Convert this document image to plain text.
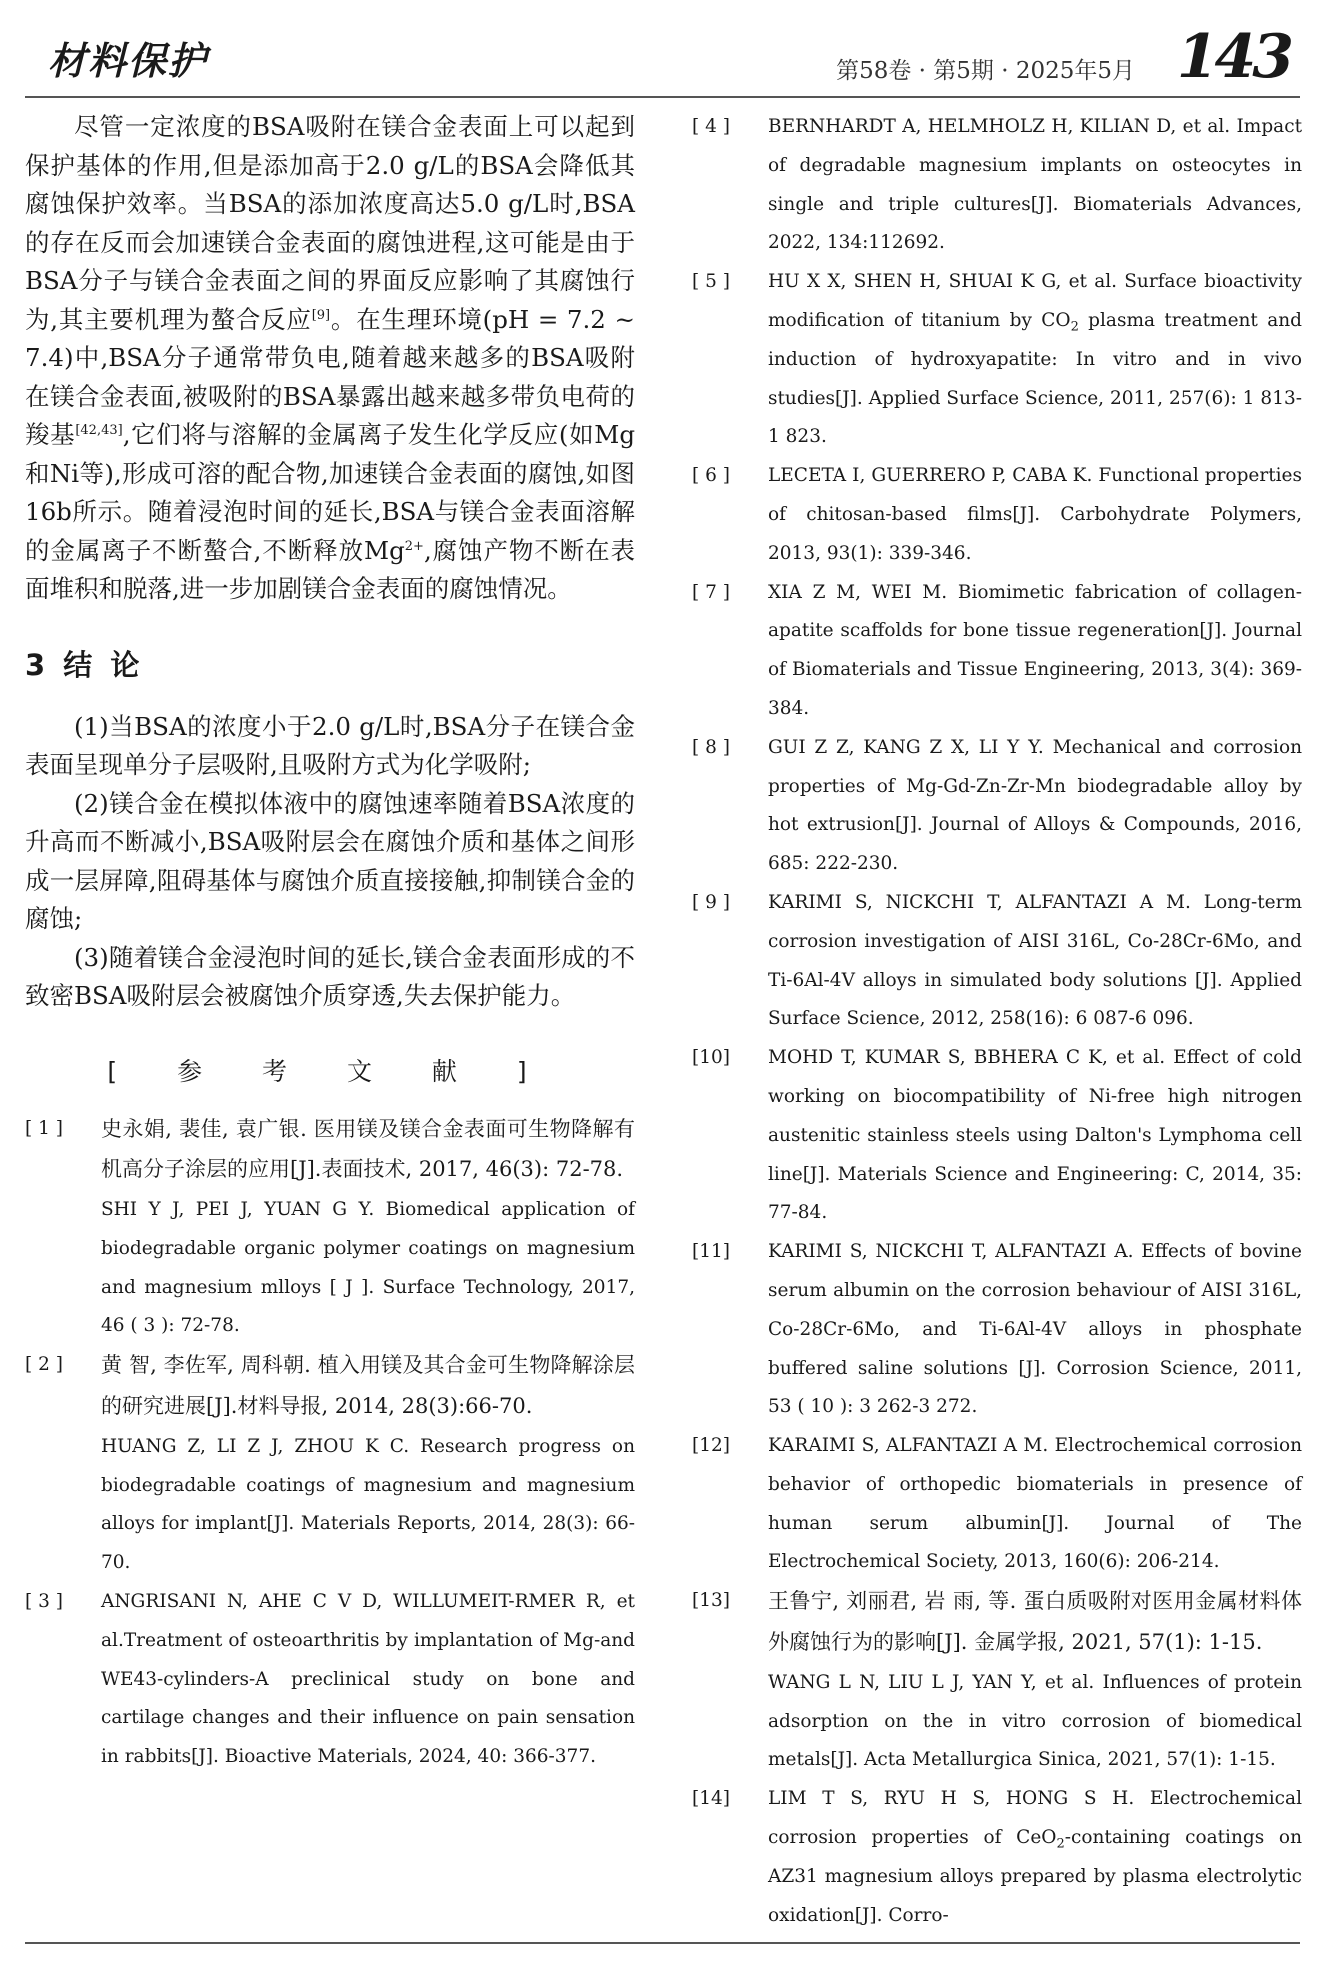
材料保护	第58卷 · 第5期 · 2025年5月 143

尽管一定浓度的BSA吸附在镁合金表面上可以起到保护基体的作用,但是添加高于2.0 g/L的BSA会降低其腐蚀保护效率。当BSA的添加浓度高达5.0 g/L时,BSA的存在反而会加速镁合金表面的腐蚀进程,这可能是由于BSA分子与镁合金表面之间的界面反应影响了其腐蚀行为,其主要机理为螯合反应[9]。在生理环境(pH = 7.2 ~ 7.4)中,BSA分子通常带负电,随着越来越多的BSA吸附在镁合金表面,被吸附的BSA暴露出越来越多带负电荷的羧基[42,43],它们将与溶解的金属离子发生化学反应(如Mg和Ni等),形成可溶的配合物,加速镁合金表面的腐蚀,如图16b所示。随着浸泡时间的延长,BSA与镁合金表面溶解的金属离子不断螯合,不断释放$Mg^{2+}$,腐蚀产物不断在表面堆积和脱落,进一步加剧镁合金表面的腐蚀情况。

3 结 论

(1)当BSA的浓度小于2.0 g/L时,BSA分子在镁合金表面呈现单分子层吸附,且吸附方式为化学吸附;

(2)镁合金在模拟体液中的腐蚀速率随着BSA浓度的升高而不断减小,BSA吸附层会在腐蚀介质和基体之间形成一层屏障,阻碍基体与腐蚀介质直接接触,抑制镁合金的腐蚀;

(3)随着镁合金浸泡时间的延长,镁合金表面形成的不致密BSA吸附层会被腐蚀介质穿透,失去保护能力。

[ 参 考 文 献 ]
[ 1 ]	史永娟, 裴佳, 袁广银. 医用镁及镁合金表面可生物降解有机高分子涂层的应用[J].表面技术, 2017, 46(3): 72-78.
SHI Y J, PEI J, YUAN G Y. Biomedical application of biodegradable organic polymer coatings on magnesium and magnesium mlloys [ J ]. Surface Technology, 2017, 46 ( 3 ): 72-78.
[ 2 ]	黄 智, 李佐军, 周科朝. 植入用镁及其合金可生物降解涂层的研究进展[J].材料导报, 2014, 28(3):66-70.
HUANG Z, LI Z J, ZHOU K C. Research progress on biodegradable coatings of magnesium and magnesium alloys for implant[J]. Materials Reports, 2014, 28(3): 66-70.
[ 3 ]	ANGRISANI N, AHE C V D, WILLUMEIT-RMER R, et al.Treatment of osteoarthritis by implantation of Mg-and WE43-cylinders-A preclinical study on bone and cartilage changes and their influence on pain sensation in rabbits[J]. Bioactive Materials, 2024, 40: 366-377.
[ 4 ]	BERNHARDT A, HELMHOLZ H, KILIAN D, et al. Impact of degradable magnesium implants on osteocytes in single and triple cultures[J]. Biomaterials Advances, 2022, 134:112692.
[ 5 ]	HU X X, SHEN H, SHUAI K G, et al. Surface bioactivity modification of titanium by $CO_2$ plasma treatment and induction of hydroxyapatite: In vitro and in vivo studies[J]. Applied Surface Science, 2011, 257(6): 1 813-1 823.
[ 6 ]	LECETA I, GUERRERO P, CABA K. Functional properties of chitosan-based films[J]. Carbohydrate Polymers, 2013, 93(1): 339-346.
[ 7 ]	XIA Z M, WEI M. Biomimetic fabrication of collagen-apatite scaffolds for bone tissue regeneration[J]. Journal of Biomaterials and Tissue Engineering, 2013, 3(4): 369-384.
[ 8 ]	GUI Z Z, KANG Z X, LI Y Y. Mechanical and corrosion properties of Mg-Gd-Zn-Zr-Mn biodegradable alloy by hot extrusion[J]. Journal of Alloys & Compounds, 2016, 685: 222-230.
[ 9 ]	KARIMI S, NICKCHI T, ALFANTAZI A M. Long-term corrosion investigation of AISI 316L, Co-28Cr-6Mo, and Ti-6Al-4V alloys in simulated body solutions [J]. Applied Surface Science, 2012, 258(16): 6 087-6 096.
[10]	MOHD T, KUMAR S, BBHERA C K, et al. Effect of cold working on biocompatibility of Ni-free high nitrogen austenitic stainless steels using Dalton's Lymphoma cell line[J]. Materials Science and Engineering: C, 2014, 35: 77-84.
[11]	KARIMI S, NICKCHI T, ALFANTAZI A. Effects of bovine serum albumin on the corrosion behaviour of AISI 316L, Co-28Cr-6Mo, and Ti-6Al-4V alloys in phosphate buffered saline solutions [J]. Corrosion Science, 2011, 53 ( 10 ): 3 262-3 272.
[12]	KARAIMI S, ALFANTAZI A M. Electrochemical corrosion behavior of orthopedic biomaterials in presence of human serum albumin[J]. Journal of The Electrochemical Society, 2013, 160(6): 206-214.
[13]	王鲁宁, 刘丽君, 岩 雨, 等. 蛋白质吸附对医用金属材料体外腐蚀行为的影响[J]. 金属学报, 2021, 57(1): 1-15.
WANG L N, LIU L J, YAN Y, et al. Influences of protein adsorption on the in vitro corrosion of biomedical metals[J]. Acta Metallurgica Sinica, 2021, 57(1): 1-15.
[14]	LIM T S, RYU H S, HONG S H. Electrochemical corrosion properties of CeO$_2$-containing coatings on AZ31 magnesium alloys prepared by plasma electrolytic oxidation[J]. Corro-
